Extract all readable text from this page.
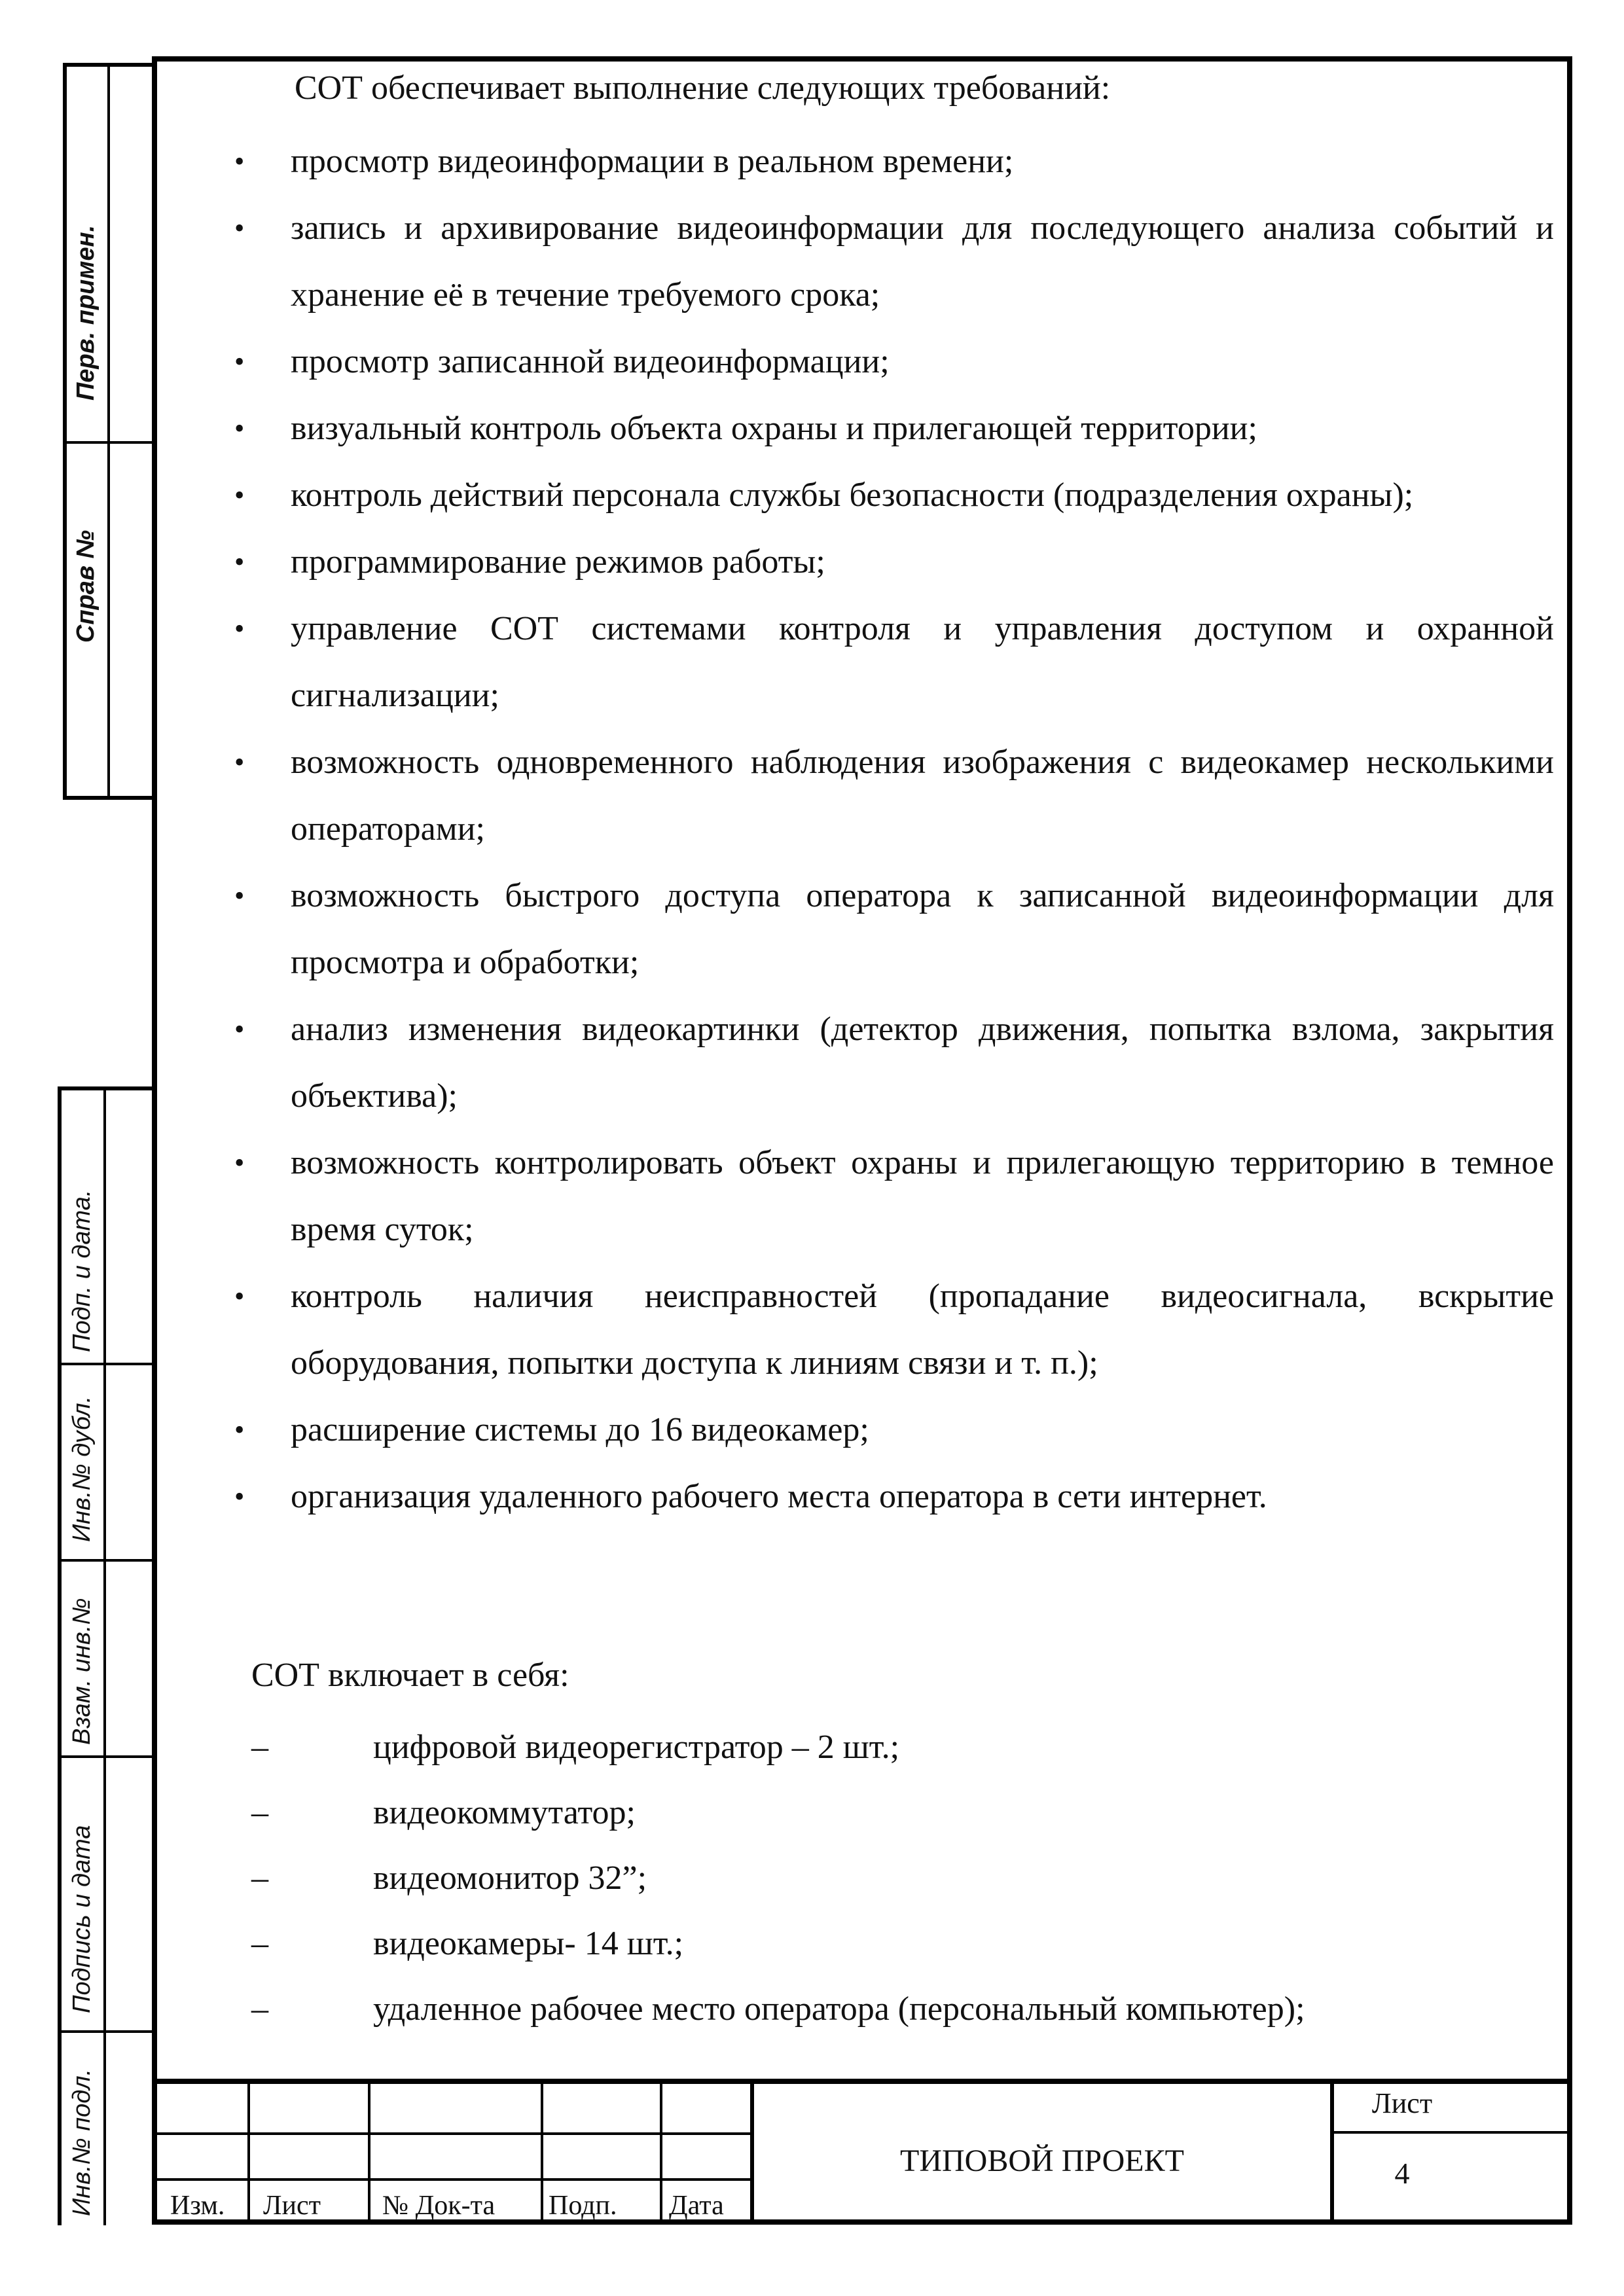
Перв. примен.
Справ №
Подп. и дата.
Инв.№ дубл.
Взам. инв.№
Подпись и дата
Инв.№ подл.
СОТ обеспечивает выполнение следующих требований:
• просмотр видеоинформации в реальном времени;
• запись и архивирование видеоинформации для последующего анализа событий и хранение её в течение требуемого срока;
• просмотр записанной видеоинформации;
• визуальный контроль объекта охраны и прилегающей территории;
• контроль действий персонала службы безопасности (подразделения охраны);
• программирование режимов работы;
• управление СОТ системами контроля и управления доступом и охранной сигнализации;
• возможность одновременного наблюдения изображения с видеокамер несколькими операторами;
• возможность быстрого доступа оператора к записанной видеоинформации для просмотра и обработки;
• анализ изменения видеокартинки (детектор движения, попытка взлома, закрытия объектива);
• возможность контролировать объект охраны и прилегающую территорию в темное время суток;
• контроль наличия неисправностей (пропадание видеосигнала, вскрытие оборудования, попытки доступа к линиям связи и т. п.);
• расширение системы до 16 видеокамер;
• организация удаленного рабочего места оператора в сети интернет.
СОТ включает в себя:
–	цифровой видеорегистратор – 2 шт.;
–	видеокоммутатор;
–	видеомонитор 32”;
–	видеокамеры- 14 шт.;
–	удаленное рабочее место оператора (персональный компьютер);
Изм. Лист № Док-та Подп. Дата
ТИПОВОЙ ПРОЕКТ
Лист
4
